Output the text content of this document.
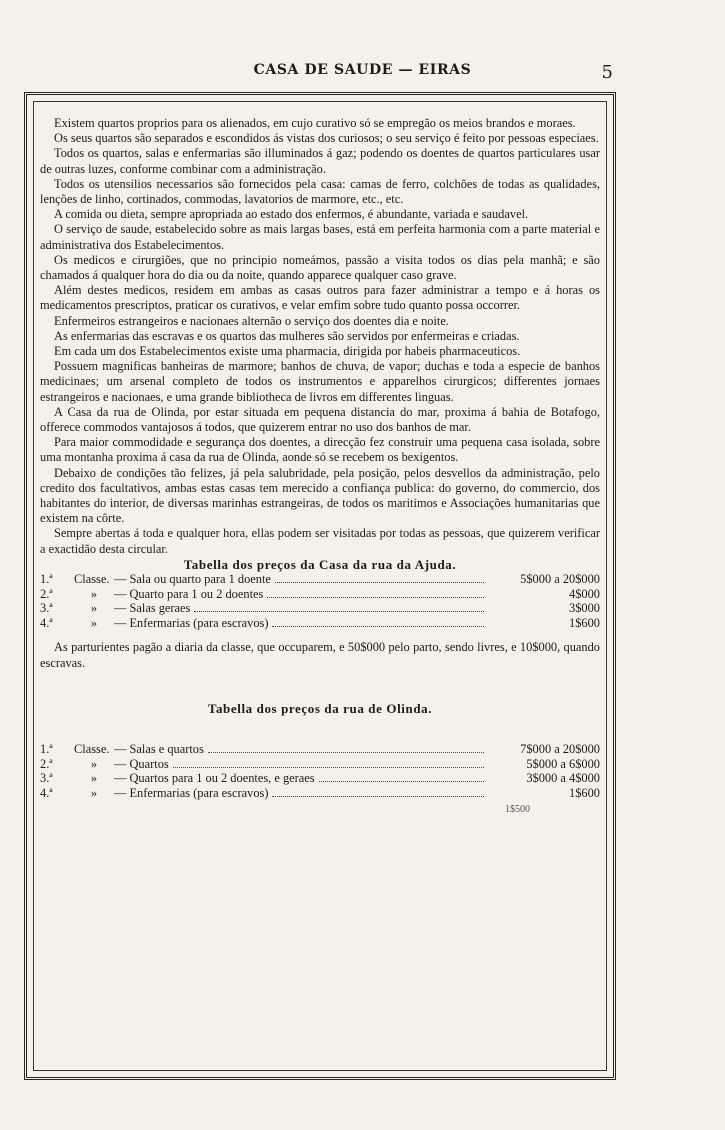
CASA DE SAUDE — EIRAS	5

Existem quartos proprios para os alienados, em cujo curativo só se empregão os meios brandos e moraes.

Os seus quartos são separados e escondidos ás vistas dos curiosos; o seu serviço é feito por pessoas especiaes.

Todos os quartos, salas e enfermarias são illuminados á gaz; podendo os doentes de quartos particulares usar de outras luzes, conforme combinar com a administração.

Todos os utensilios necessarios são fornecidos pela casa: camas de ferro, colchões de todas as qualidades, lenções de linho, cortinados, commodas, lavatorios de marmore, etc., etc.

A comida ou dieta, sempre apropriada ao estado dos enfermos, é abundante, variada e saudavel.

O serviço de saude, estabelecido sobre as mais largas bases, está em perfeita harmonia com a parte material e administrativa dos Estabelecimentos.

Os medicos e cirurgiões, que no principio nomeámos, passão a visita todos os dias pela manhã; e são chamados á qualquer hora do dia ou da noite, quando apparece qualquer caso grave.

Além destes medicos, residem em ambas as casas outros para fazer administrar a tempo e á horas os medicamentos prescriptos, praticar os curativos, e velar emfim sobre tudo quanto possa occorrer.

Enfermeiros estrangeiros e nacionaes alternão o serviço dos doentes dia e noite.

As enfermarias das escravas e os quartos das mulheres são servidos por enfermeiras e criadas.

Em cada um dos Estabelecimentos existe uma pharmacia, dirigida por habeis pharmaceuticos.

Possuem magnificas banheiras de marmore; banhos de chuva, de vapor; duchas e toda a especie de banhos medicinaes; um arsenal completo de todos os instrumentos e apparelhos cirurgicos; differentes jornaes estrangeiros e nacionaes, e uma grande bibliotheca de livros em differentes linguas.

A Casa da rua de Olinda, por estar situada em pequena distancia do mar, proxima á bahia de Botafogo, offerece commodos vantajosos á todos, que quizerem entrar no uso dos banhos de mar.

Para maior commodidade e segurança dos doentes, a direcção fez construir uma pequena casa isolada, sobre uma montanha proxima á casa da rua de Olinda, aonde só se recebem os bexigentos.

Debaixo de condições tão felizes, já pela salubridade, pela posição, pelos desvellos da administração, pelo credito dos facultativos, ambas estas casas tem merecido a confiança publica: do governo, do commercio, dos habitantes do interior, de diversas marinhas estrangeiras, de todos os maritimos e Associações humanitarias que existem na côrte.

Sempre abertas á toda e qualquer hora, ellas podem ser visitadas por todas as pessoas, que quizerem verificar a exactidão desta circular.

Tabella dos preços da Casa da rua da Ajuda.

1.ª	Classe.	— Sala ou quarto para 1 doente	5$000 a 20$000
2.ª	»	— Quarto para 1 ou 2 doentes	4$000
3.ª	»	— Salas geraes	3$000
4.ª	»	— Enfermarias (para escravos)	1$600

As parturientes pagão a diaria da classe, que occuparem, e 50$000 pelo parto, sendo livres, e 10$000, quando escravas.

Tabella dos preços da rua de Olinda.

1.ª	Classe.	— Salas e quartos	7$000 a 20$000
2.ª	»	— Quartos	5$000 a 6$000
3.ª	»	— Quartos para 1 ou 2 doentes, e geraes	3$000 a 4$000
4.ª	»	— Enfermarias (para escravos)	1$600
1$500
